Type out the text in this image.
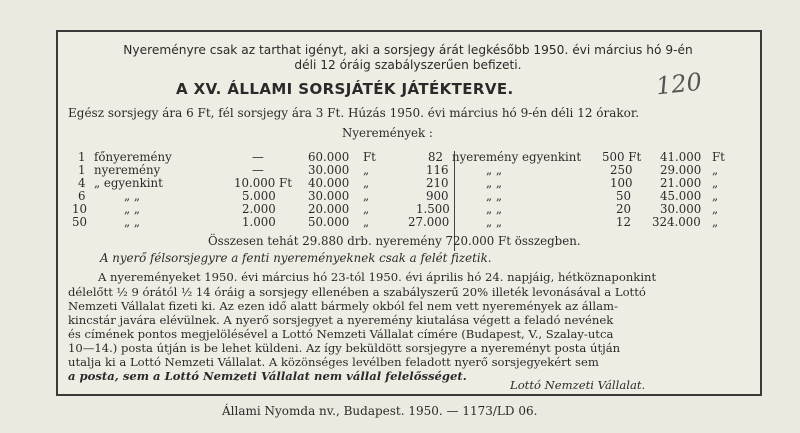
Nyereményre csak az tarthat igényt, aki a sorsjegy árát legkésőbb 1950. évi március hó 9-én
déli 12 óráig szabályszerűen befizeti.
A XV. ÁLLAMI SORSJÁTÉK JÁTÉKTERVE.	120
Egész sorsjegy ára 6 Ft, fél sorsjegy ára 3 Ft. Húzás 1950. évi március hó 9-én déli 12 órakor.
Nyeremények :
1 főnyeremény	—	60.000 Ft
1 nyeremény	—	30.000 „
4 „ egyenkint	10.000 Ft 40.000 „
6	„ „	5.000	30.000 „
10	„ „	2.000	20.000 „
50	„ „	1.000	50.000 „
82 nyeremény egyenkint 500 Ft 41.000 Ft
116	„ „	250 29.000 „
210	„ „	100 21.000 „
900	„ „	50 45.000 „
1.500	„ „	20 30.000 „
27.000	„ „	12 324.000 „
Összesen tehát 29.880 drb. nyeremény 720.000 Ft összegben.
A nyerő félsorsjegyre a fenti nyereményeknek csak a felét fizetik.
A nyereményeket 1950. évi március hó 23-tól 1950. évi április hó 24. napjáig, hétköznaponkint
délelőtt ½ 9 órától ½ 14 óráig a sorsjegy ellenében a szabályszerű 20% illeték levonásával a Lottó
Nemzeti Vállalat fizeti ki. Az ezen idő alatt bármely okból fel nem vett nyeremények az állam-
kincstár javára elévülnek. A nyerő sorsjegyet a nyeremény kiutalása végett a feladó nevének
és címének pontos megjelölésével a Lottó Nemzeti Vállalat címére (Budapest, V., Szalay-utca
10—14.) posta útján is be lehet küldeni. Az így beküldött sorsjegyre a nyereményt posta útján
utalja ki a Lottó Nemzeti Vállalat. A közönséges levélben feladott nyerő sorsjegyekért sem
a posta, sem a Lottó Nemzeti Vállalat nem vállal felelősséget.
Lottó Nemzeti Vállalat.
Állami Nyomda nv., Budapest. 1950. — 1173/LD 06.
